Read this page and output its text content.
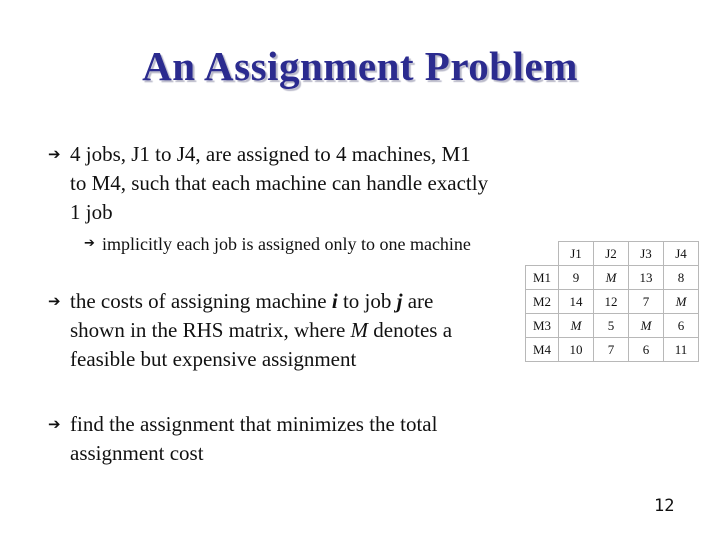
An Assignment Problem
➔ 4 jobs, J1 to J4, are assigned to 4 machines, M1 to M4, such that each machine can handle exactly 1 job
➔ implicitly each job is assigned only to one machine
➔ the costs of assigning machine i to job j are shown in the RHS matrix, where M denotes a feasible but expensive assignment
➔ find the assignment that minimizes the total assignment cost
	J1	J2	J3	J4
M1	9	M	13	8
M2	14	12	7	M
M3	M	5	M	6
M4	10	7	6	11
12
